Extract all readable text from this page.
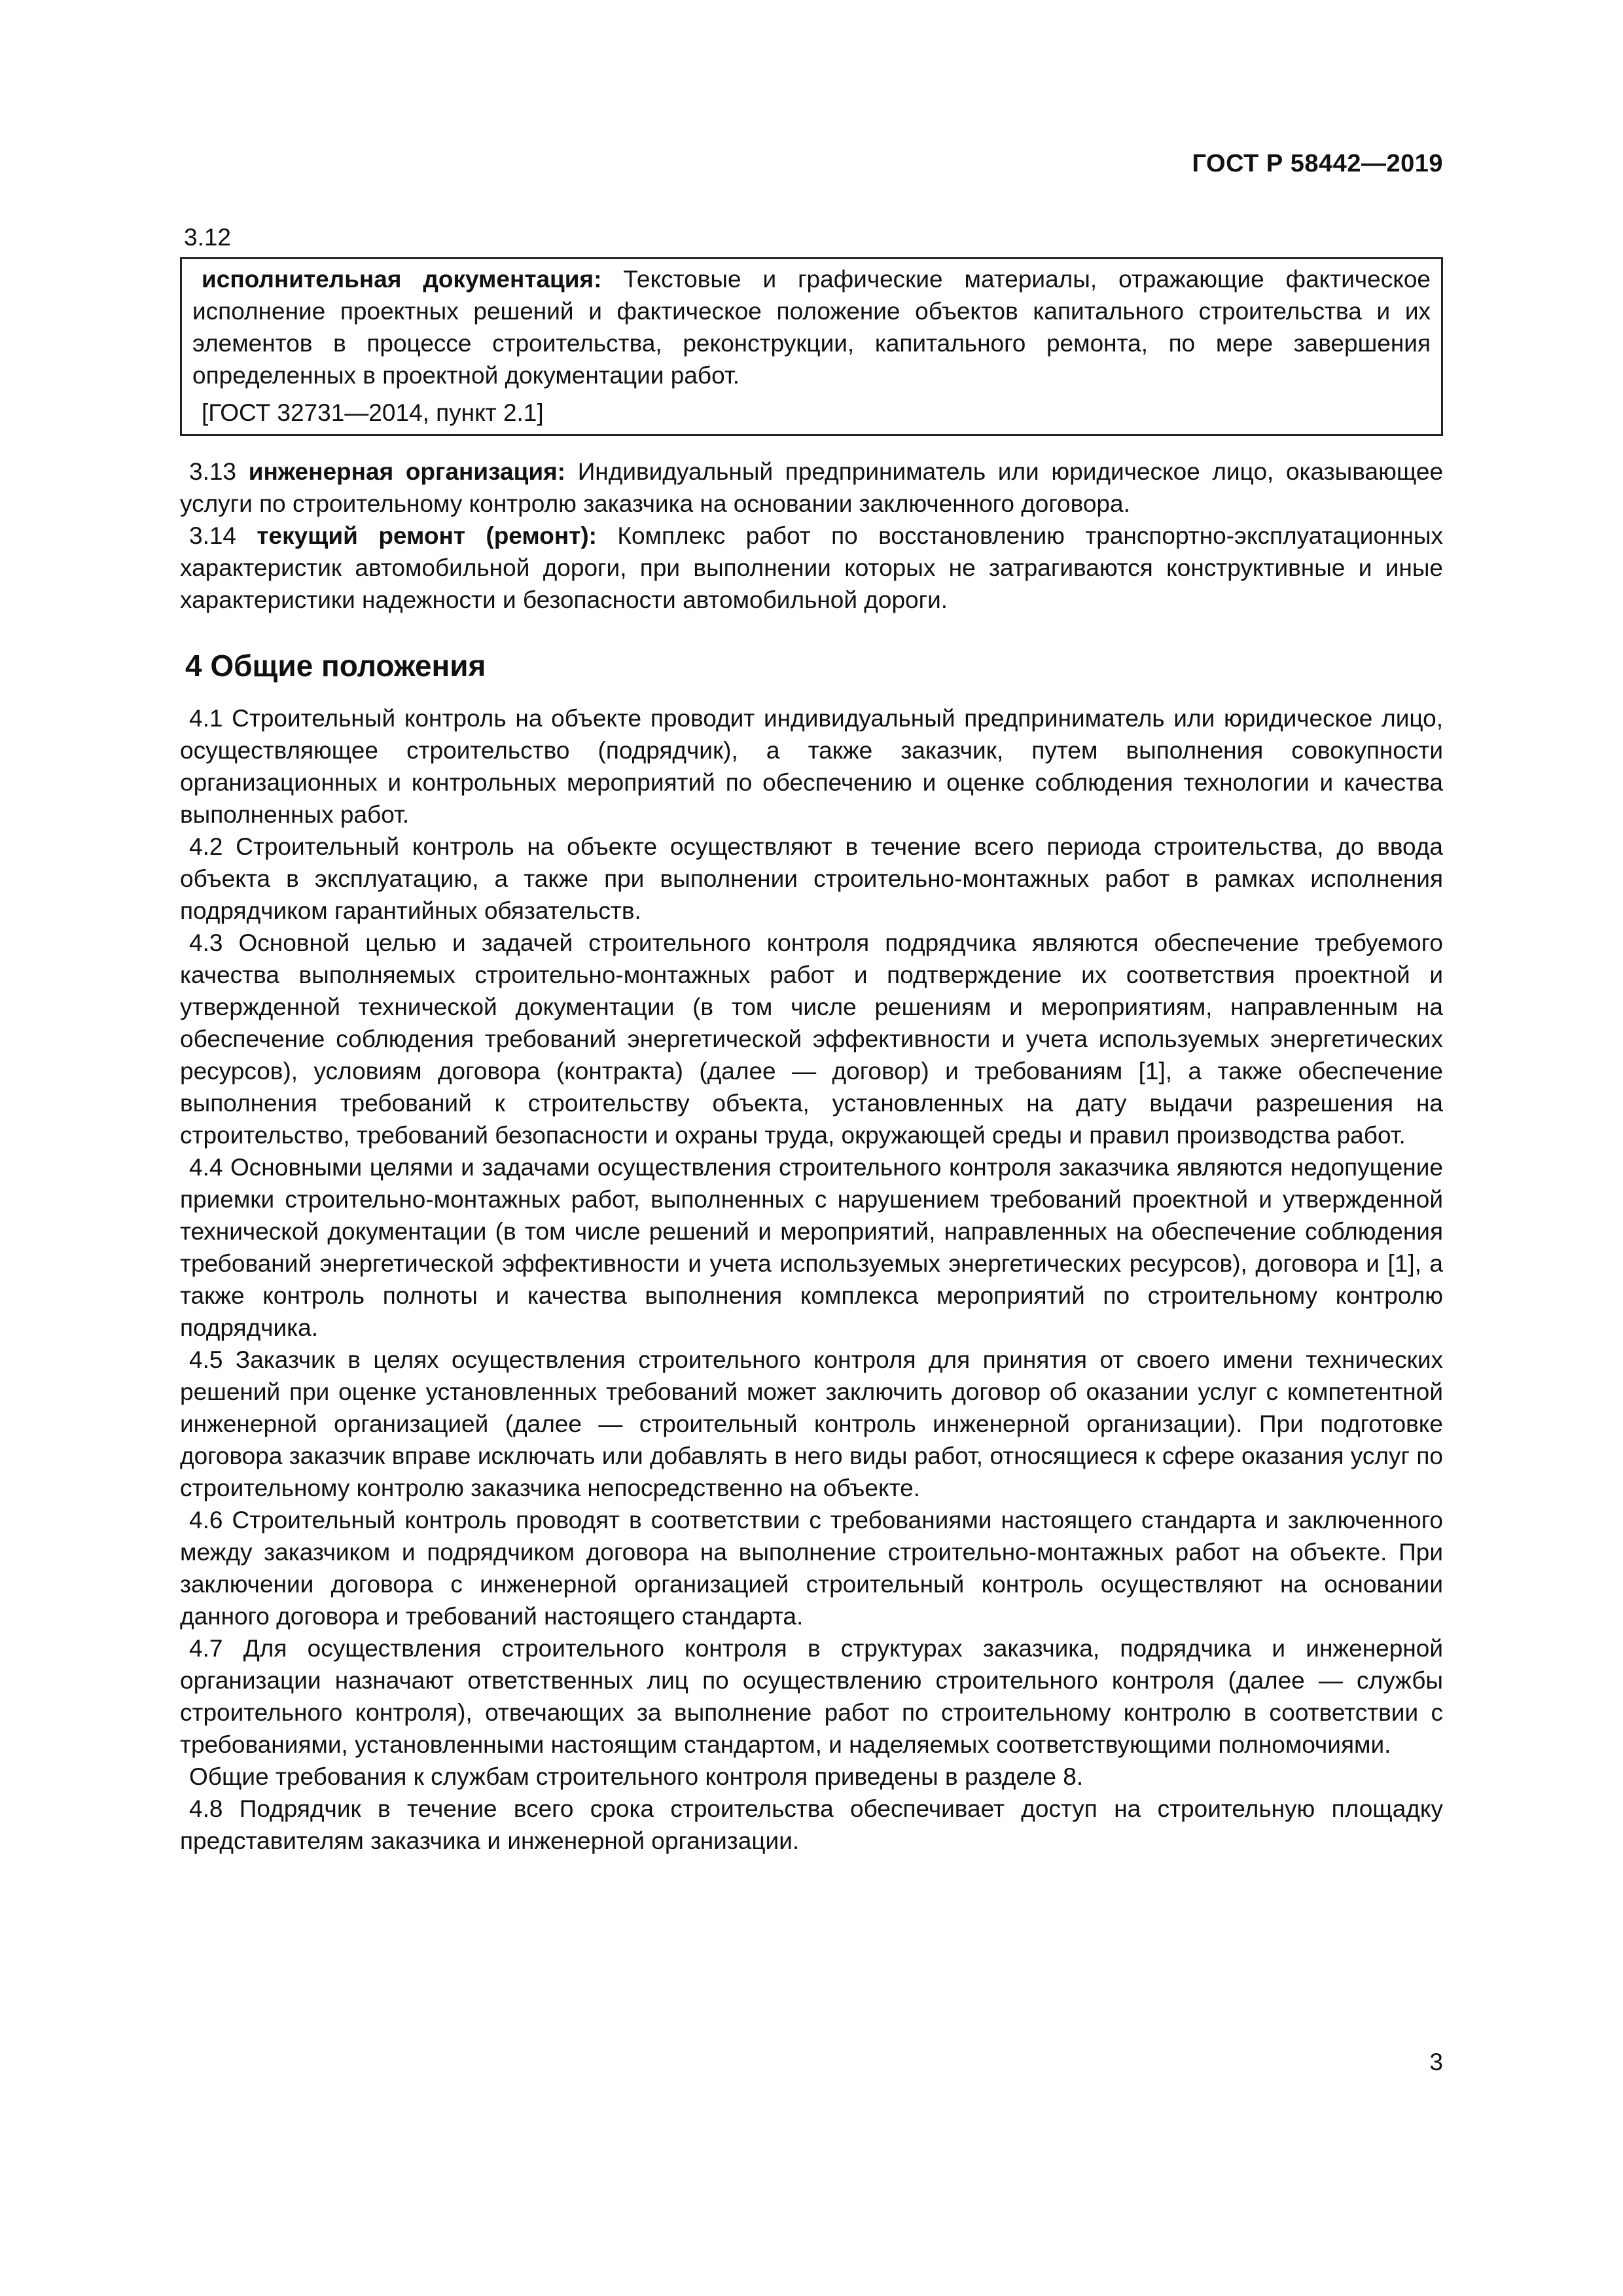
ГОСТ Р 58442—2019
3.12

исполнительная документация: Текстовые и графические материалы, отражающие фактическое исполнение проектных решений и фактическое положение объектов капитального строительства и их элементов в процессе строительства, реконструкции, капитального ремонта, по мере завершения определенных в проектной документации работ.

[ГОСТ 32731—2014, пункт 2.1]

3.13 инженерная организация: Индивидуальный предприниматель или юридическое лицо, оказывающее услуги по строительному контролю заказчика на основании заключенного договора.

3.14 текущий ремонт (ремонт): Комплекс работ по восстановлению транспортно-эксплуатационных характеристик автомобильной дороги, при выполнении которых не затрагиваются конструктивные и иные характеристики надежности и безопасности автомобильной дороги.

4 Общие положения

4.1 Строительный контроль на объекте проводит индивидуальный предприниматель или юридическое лицо, осуществляющее строительство (подрядчик), а также заказчик, путем выполнения совокупности организационных и контрольных мероприятий по обеспечению и оценке соблюдения технологии и качества выполненных работ.

4.2 Строительный контроль на объекте осуществляют в течение всего периода строительства, до ввода объекта в эксплуатацию, а также при выполнении строительно-монтажных работ в рамках исполнения подрядчиком гарантийных обязательств.

4.3 Основной целью и задачей строительного контроля подрядчика являются обеспечение требуемого качества выполняемых строительно-монтажных работ и подтверждение их соответствия проектной и утвержденной технической документации (в том числе решениям и мероприятиям, направленным на обеспечение соблюдения требований энергетической эффективности и учета используемых энергетических ресурсов), условиям договора (контракта) (далее — договор) и требованиям [1], а также обеспечение выполнения требований к строительству объекта, установленных на дату выдачи разрешения на строительство, требований безопасности и охраны труда, окружающей среды и правил производства работ.

4.4 Основными целями и задачами осуществления строительного контроля заказчика являются недопущение приемки строительно-монтажных работ, выполненных с нарушением требований проектной и утвержденной технической документации (в том числе решений и мероприятий, направленных на обеспечение соблюдения требований энергетической эффективности и учета используемых энергетических ресурсов), договора и [1], а также контроль полноты и качества выполнения комплекса мероприятий по строительному контролю подрядчика.

4.5 Заказчик в целях осуществления строительного контроля для принятия от своего имени технических решений при оценке установленных требований может заключить договор об оказании услуг с компетентной инженерной организацией (далее — строительный контроль инженерной организации). При подготовке договора заказчик вправе исключать или добавлять в него виды работ, относящиеся к сфере оказания услуг по строительному контролю заказчика непосредственно на объекте.

4.6 Строительный контроль проводят в соответствии с требованиями настоящего стандарта и заключенного между заказчиком и подрядчиком договора на выполнение строительно-монтажных работ на объекте. При заключении договора с инженерной организацией строительный контроль осуществляют на основании данного договора и требований настоящего стандарта.

4.7 Для осуществления строительного контроля в структурах заказчика, подрядчика и инженерной организации назначают ответственных лиц по осуществлению строительного контроля (далее — службы строительного контроля), отвечающих за выполнение работ по строительному контролю в соответствии с требованиями, установленными настоящим стандартом, и наделяемых соответствующими полномочиями.

Общие требования к службам строительного контроля приведены в разделе 8.

4.8 Подрядчик в течение всего срока строительства обеспечивает доступ на строительную площадку представителям заказчика и инженерной организации.

3
